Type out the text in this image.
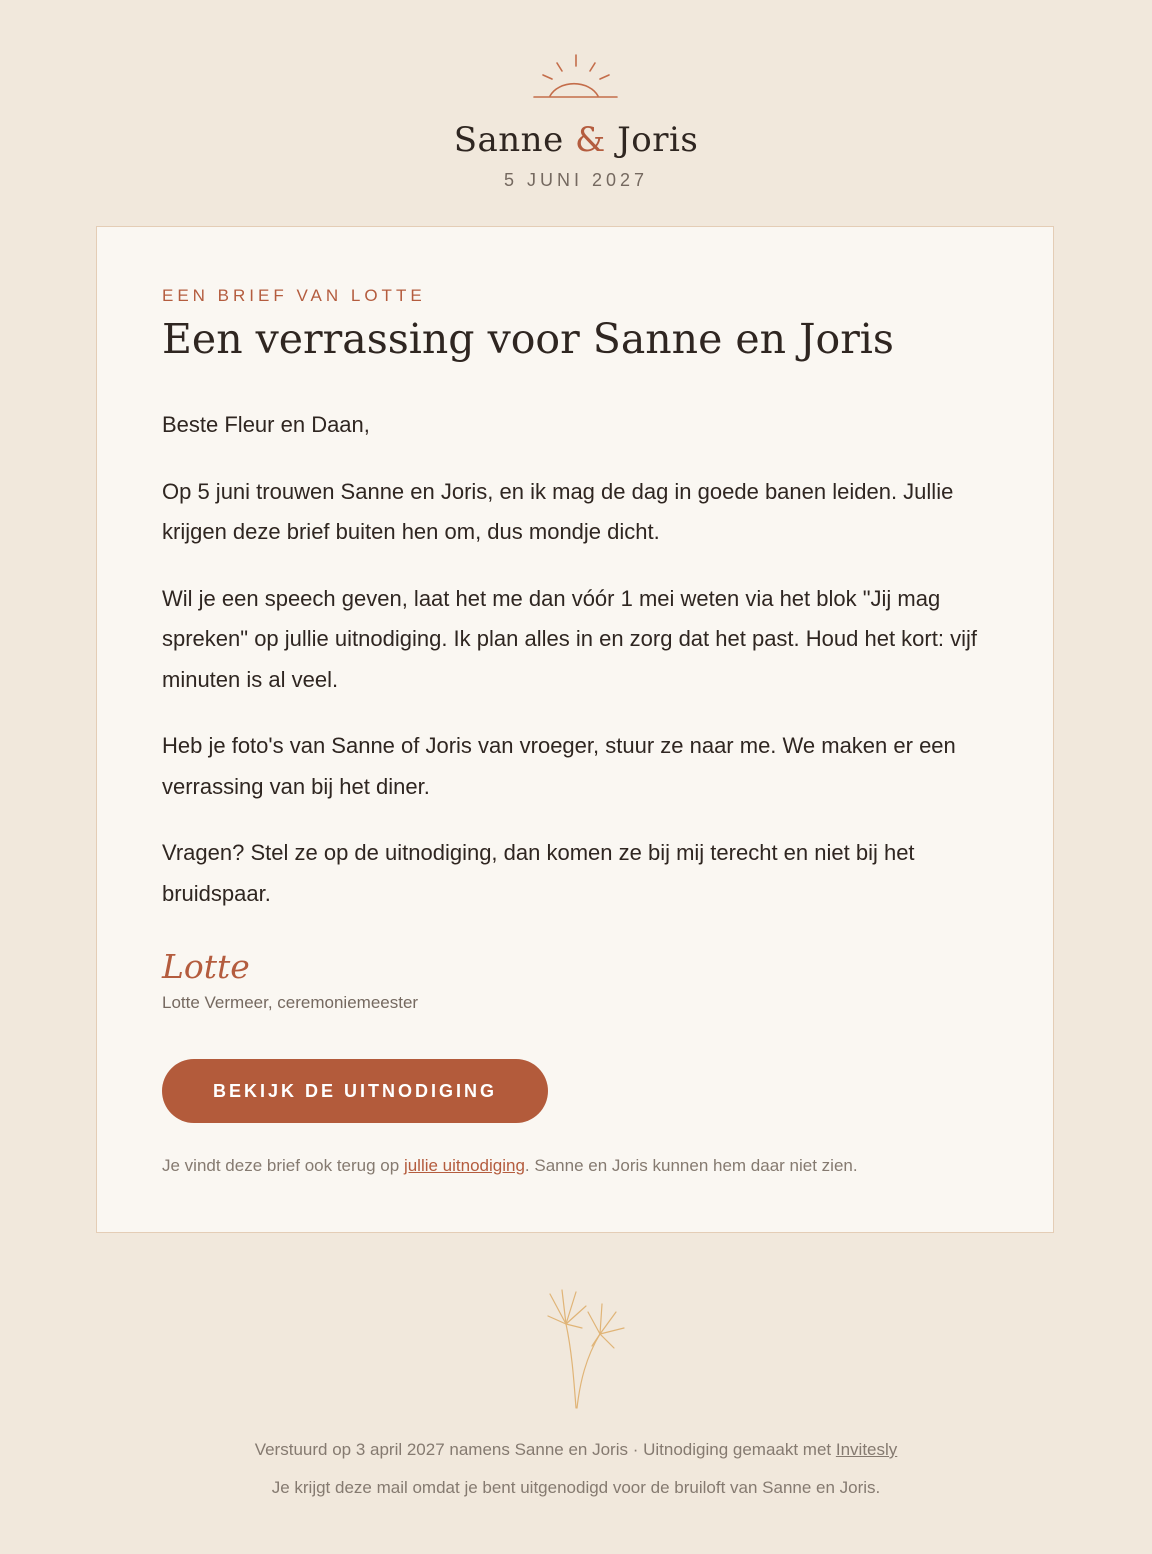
Sanne & Joris
5 JUNI 2027
EEN BRIEF VAN LOTTE
Een verrassing voor Sanne en Joris

Beste Fleur en Daan,

Op 5 juni trouwen Sanne en Joris, en ik mag de dag in goede banen leiden. Jullie krijgen deze brief buiten hen om, dus mondje dicht.

Wil je een speech geven, laat het me dan vóór 1 mei weten via het blok "Jij mag spreken" op jullie uitnodiging. Ik plan alles in en zorg dat het past. Houd het kort: vijf minuten is al veel.

Heb je foto's van Sanne of Joris van vroeger, stuur ze naar me. We maken er een verrassing van bij het diner.

Vragen? Stel ze op de uitnodiging, dan komen ze bij mij terecht en niet bij het bruidspaar.

Lotte
Lotte Vermeer, ceremoniemeester
BEKIJK DE UITNODIGING
Je vindt deze brief ook terug op jullie uitnodiging. Sanne en Joris kunnen hem daar niet zien.
Verstuurd op 3 april 2027 namens Sanne en Joris · Uitnodiging gemaakt met Invitesly
Je krijgt deze mail omdat je bent uitgenodigd voor de bruiloft van Sanne en Joris.
